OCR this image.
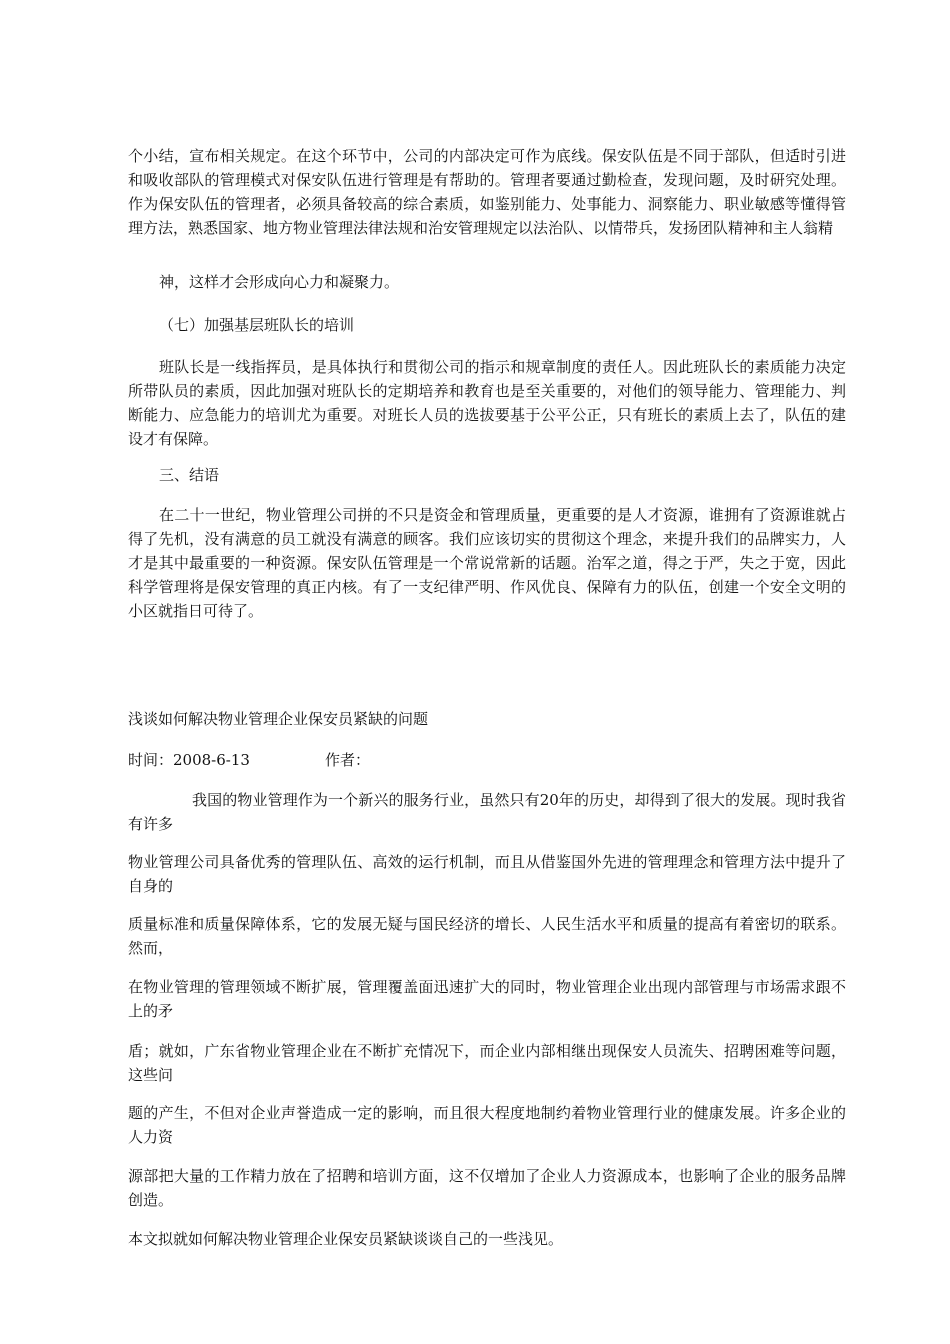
个小结，宣布相关规定。在这个环节中，公司的内部决定可作为底线。保安队伍是不同于部队，但适时引进和吸收部队的管理模式对保安队伍进行管理是有帮助的。管理者要通过勤检查，发现问题，及时研究处理。作为保安队伍的管理者，必须具备较高的综合素质，如鉴别能力、处事能力、洞察能力、职业敏感等懂得管理方法，熟悉国家、地方物业管理法律法规和治安管理规定以法治队、以情带兵，发扬团队精神和主人翁精

神，这样才会形成向心力和凝聚力。

（七）加强基层班队长的培训

班队长是一线指挥员，是具体执行和贯彻公司的指示和规章制度的责任人。因此班队长的素质能力决定所带队员的素质，因此加强对班队长的定期培养和教育也是至关重要的，对他们的领导能力、管理能力、判断能力、应急能力的培训尤为重要。对班长人员的选拔要基于公平公正，只有班长的素质上去了，队伍的建设才有保障。

三、结语

在二十一世纪，物业管理公司拼的不只是资金和管理质量，更重要的是人才资源，谁拥有了资源谁就占得了先机，没有满意的员工就没有满意的顾客。我们应该切实的贯彻这个理念，来提升我们的品牌实力，人才是其中最重要的一种资源。保安队伍管理是一个常说常新的话题。治军之道，得之于严，失之于宽，因此科学管理将是保安管理的真正内核。有了一支纪律严明、作风优良、保障有力的队伍，创建一个安全文明的小区就指日可待了。

浅谈如何解决物业管理企业保安员紧缺的问题

时间：2008-6-13　　　　　作者：

我国的物业管理作为一个新兴的服务行业，虽然只有20年的历史，却得到了很大的发展。现时我省有许多

物业管理公司具备优秀的管理队伍、高效的运行机制，而且从借鉴国外先进的管理理念和管理方法中提升了自身的

质量标准和质量保障体系，它的发展无疑与国民经济的增长、人民生活水平和质量的提高有着密切的联系。然而，

在物业管理的管理领域不断扩展，管理覆盖面迅速扩大的同时，物业管理企业出现内部管理与市场需求跟不上的矛

盾；就如，广东省物业管理企业在不断扩充情况下，而企业内部相继出现保安人员流失、招聘困难等问题，这些问

题的产生，不但对企业声誉造成一定的影响，而且很大程度地制约着物业管理行业的健康发展。许多企业的人力资

源部把大量的工作精力放在了招聘和培训方面，这不仅增加了企业人力资源成本，也影响了企业的服务品牌创造。

本文拟就如何解决物业管理企业保安员紧缺谈谈自己的一些浅见。
